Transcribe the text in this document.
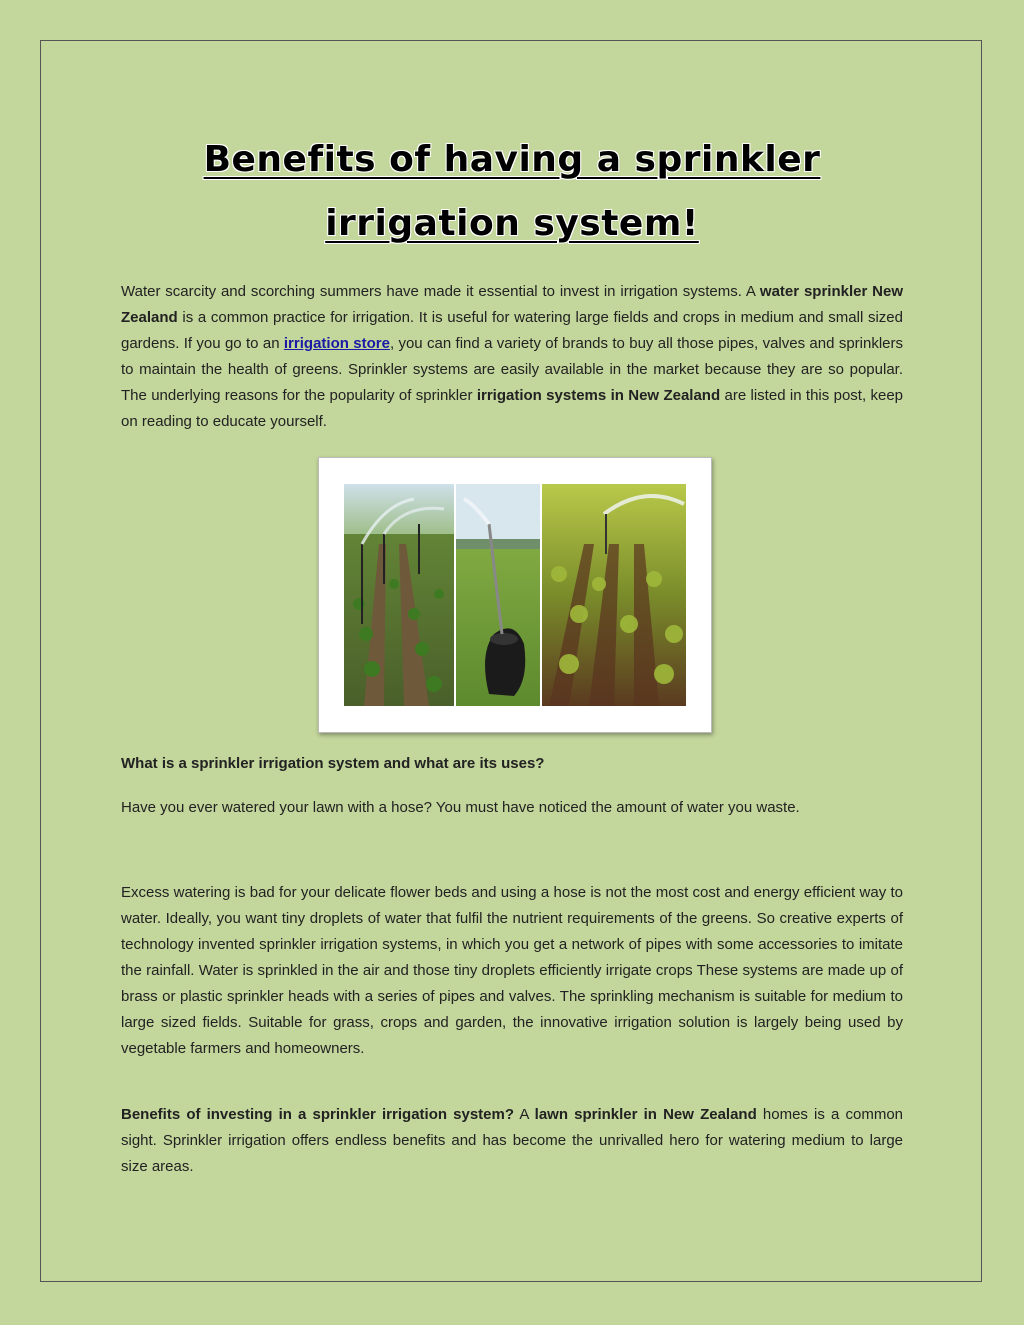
Benefits of having a sprinkler
irrigation system!
Water scarcity and scorching summers have made it essential to invest in irrigation systems. A water sprinkler New Zealand is a common practice for irrigation. It is useful for watering large fields and crops in medium and small sized gardens. If you go to an irrigation store, you can find a variety of brands to buy all those pipes, valves and sprinklers to maintain the health of greens. Sprinkler systems are easily available in the market because they are so popular. The underlying reasons for the popularity of sprinkler irrigation systems in New Zealand are listed in this post, keep on reading to educate yourself.
What is a sprinkler irrigation system and what are its uses?
Have you ever watered your lawn with a hose? You must have noticed the amount of water you waste.
Excess watering is bad for your delicate flower beds and using a hose is not the most cost and energy efficient way to water. Ideally, you want tiny droplets of water that fulfil the nutrient requirements of the greens. So creative experts of technology invented sprinkler irrigation systems, in which you get a network of pipes with some accessories to imitate the rainfall. Water is sprinkled in the air and those tiny droplets efficiently irrigate crops These systems are made up of brass or plastic sprinkler heads with a series of pipes and valves. The sprinkling mechanism is suitable for medium to large sized fields. Suitable for grass, crops and garden, the innovative irrigation solution is largely being used by vegetable farmers and homeowners.
Benefits of investing in a sprinkler irrigation system? A lawn sprinkler in New Zealand homes is a common sight. Sprinkler irrigation offers endless benefits and has become the unrivalled hero for watering medium to large size areas.
